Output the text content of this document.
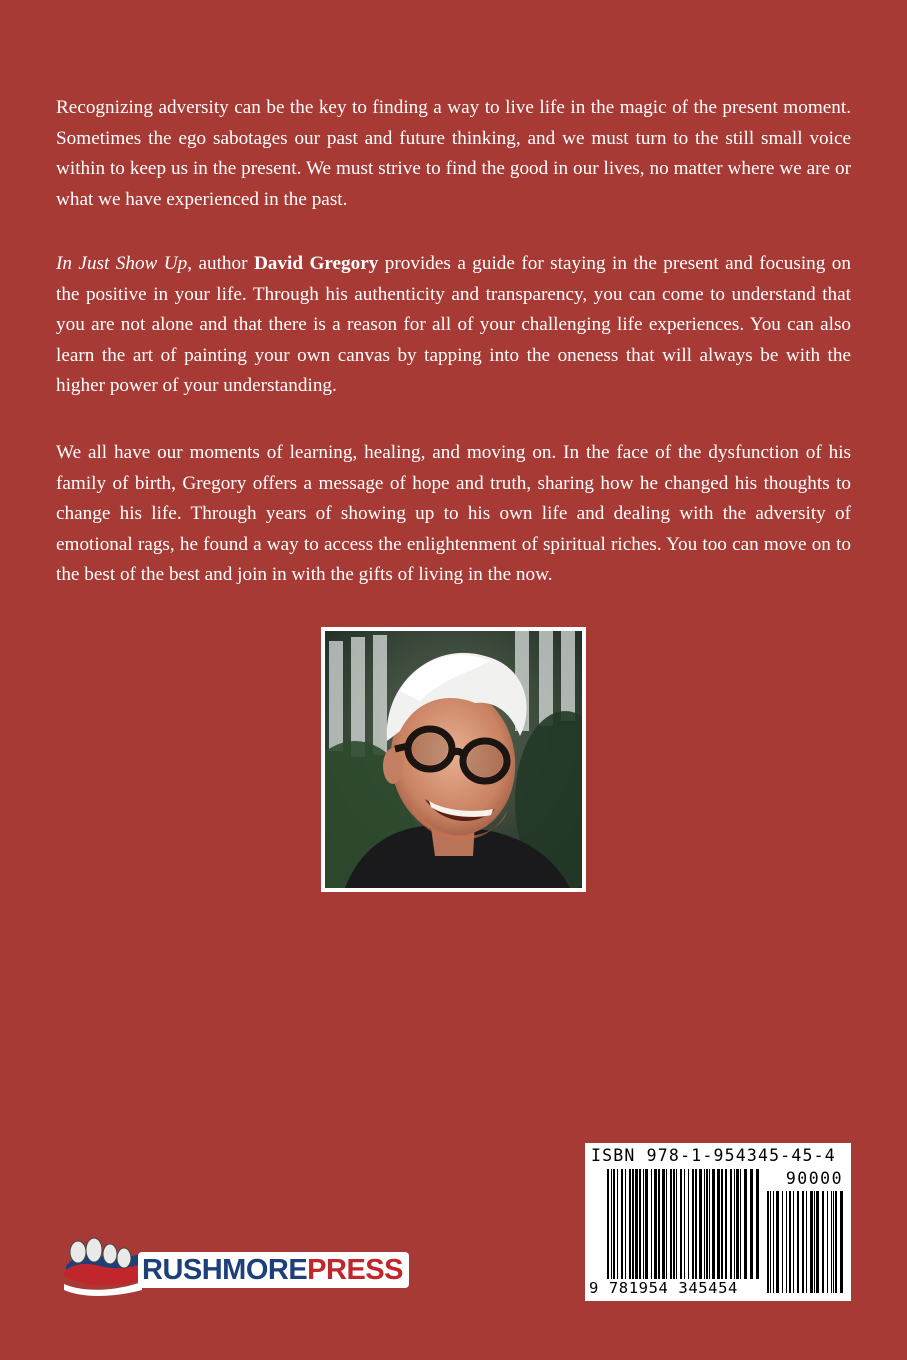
Recognizing adversity can be the key to finding a way to live life in the magic of the present moment. Sometimes the ego sabotages our past and future thinking, and we must turn to the still small voice within to keep us in the present. We must strive to find the good in our lives, no matter where we are or what we have experienced in the past.

In Just Show Up, author David Gregory provides a guide for staying in the present and focusing on the positive in your life. Through his authenticity and transparency, you can come to understand that you are not alone and that there is a reason for all of your challenging life experiences. You can also learn the art of painting your own canvas by tapping into the oneness that will always be with the higher power of your understanding.

We all have our moments of learning, healing, and moving on. In the face of the dysfunction of his family of birth, Gregory offers a message of hope and truth, sharing how he changed his thoughts to change his life. Through years of showing up to his own life and dealing with the adversity of emotional rags, he found a way to access the enlightenment of spiritual riches. You too can move on to the best of the best and join in with the gifts of living in the now.

RUSHMOREPRESS
ISBN 978-1-954345-45-4
90000
9 781954 345454
